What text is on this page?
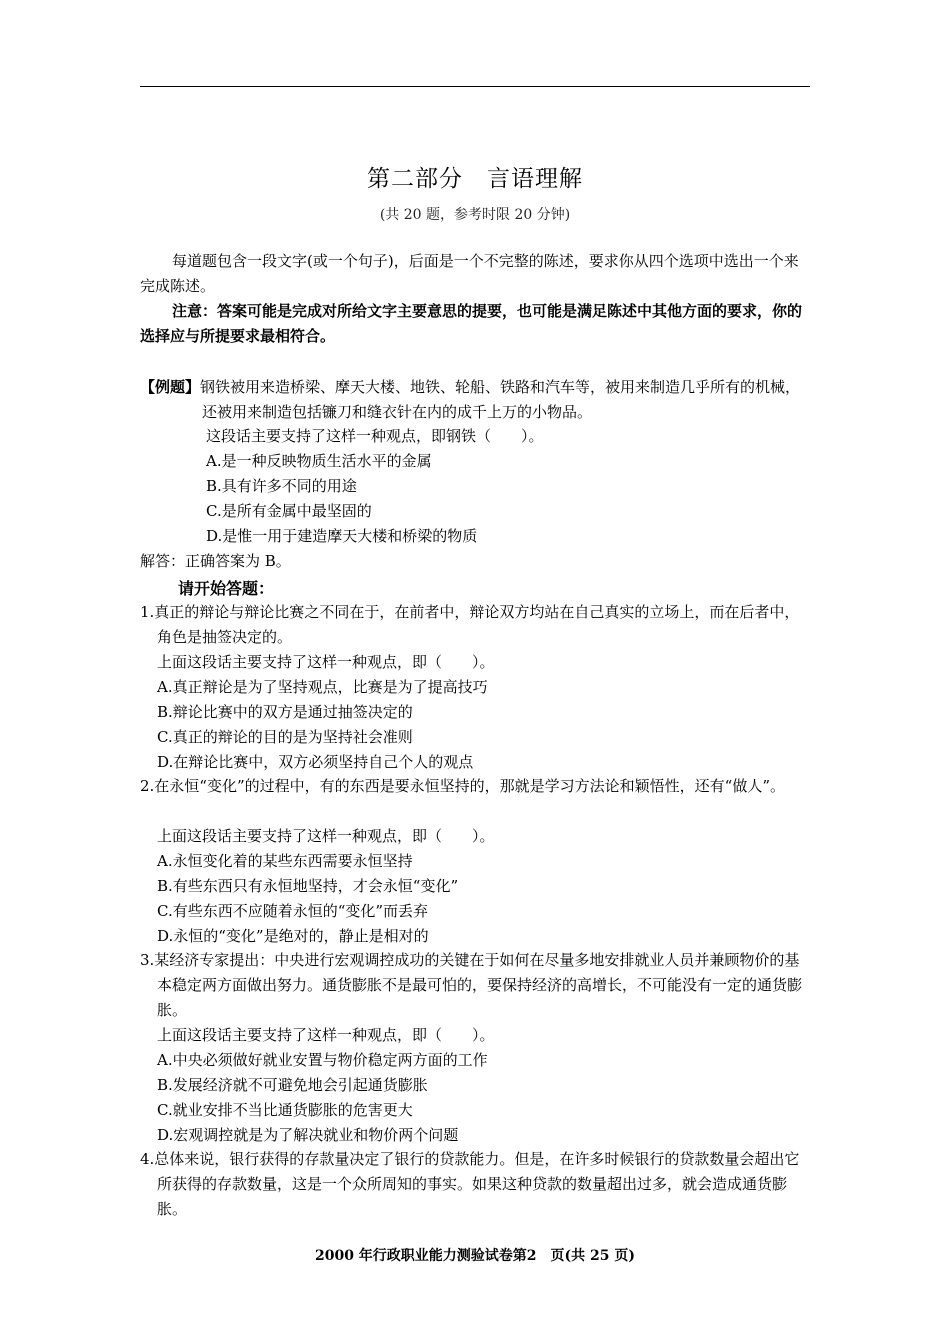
第二部分　言语理解
(共 20 题，参考时限 20 分钟)
每道题包含一段文字(或一个句子)，后面是一个不完整的陈述，要求你从四个选项中选出一个来完成陈述。
注意：答案可能是完成对所给文字主要意思的提要，也可能是满足陈述中其他方面的要求，你的选择应与所提要求最相符合。
【例题】钢铁被用来造桥梁、摩天大楼、地铁、轮船、铁路和汽车等，被用来制造几乎所有的机械，还被用来制造包括镰刀和缝衣针在内的成千上万的小物品。
这段话主要支持了这样一种观点，即钢铁（　　）。
A.是一种反映物质生活水平的金属
B.具有许多不同的用途
C.是所有金属中最坚固的
D.是惟一用于建造摩天大楼和桥梁的物质
解答：正确答案为 B。
请开始答题：
1.真正的辩论与辩论比赛之不同在于，在前者中，辩论双方均站在自己真实的立场上，而在后者中，角色是抽签决定的。
上面这段话主要支持了这样一种观点，即（　　）。
A.真正辩论是为了坚持观点，比赛是为了提高技巧
B.辩论比赛中的双方是通过抽签决定的
C.真正的辩论的目的是为坚持社会准则
D.在辩论比赛中，双方必须坚持自己个人的观点
2.在永恒“变化”的过程中，有的东西是要永恒坚持的，那就是学习方法论和颖悟性，还有“做人”。
上面这段话主要支持了这样一种观点，即（　　）。
A.永恒变化着的某些东西需要永恒坚持
B.有些东西只有永恒地坚持，才会永恒“变化”
C.有些东西不应随着永恒的“变化”而丢弃
D.永恒的“变化”是绝对的，静止是相对的
3.某经济专家提出：中央进行宏观调控成功的关键在于如何在尽量多地安排就业人员并兼顾物价的基本稳定两方面做出努力。通货膨胀不是最可怕的，要保持经济的高增长，不可能没有一定的通货膨胀。
上面这段话主要支持了这样一种观点，即（　　）。
A.中央必须做好就业安置与物价稳定两方面的工作
B.发展经济就不可避免地会引起通货膨胀
C.就业安排不当比通货膨胀的危害更大
D.宏观调控就是为了解决就业和物价两个问题
4.总体来说，银行获得的存款量决定了银行的贷款能力。但是，在许多时候银行的贷款数量会超出它所获得的存款数量，这是一个众所周知的事实。如果这种贷款的数量超出过多，就会造成通货膨胀。
2000 年行政职业能力测验试卷第2　页(共 25 页)
